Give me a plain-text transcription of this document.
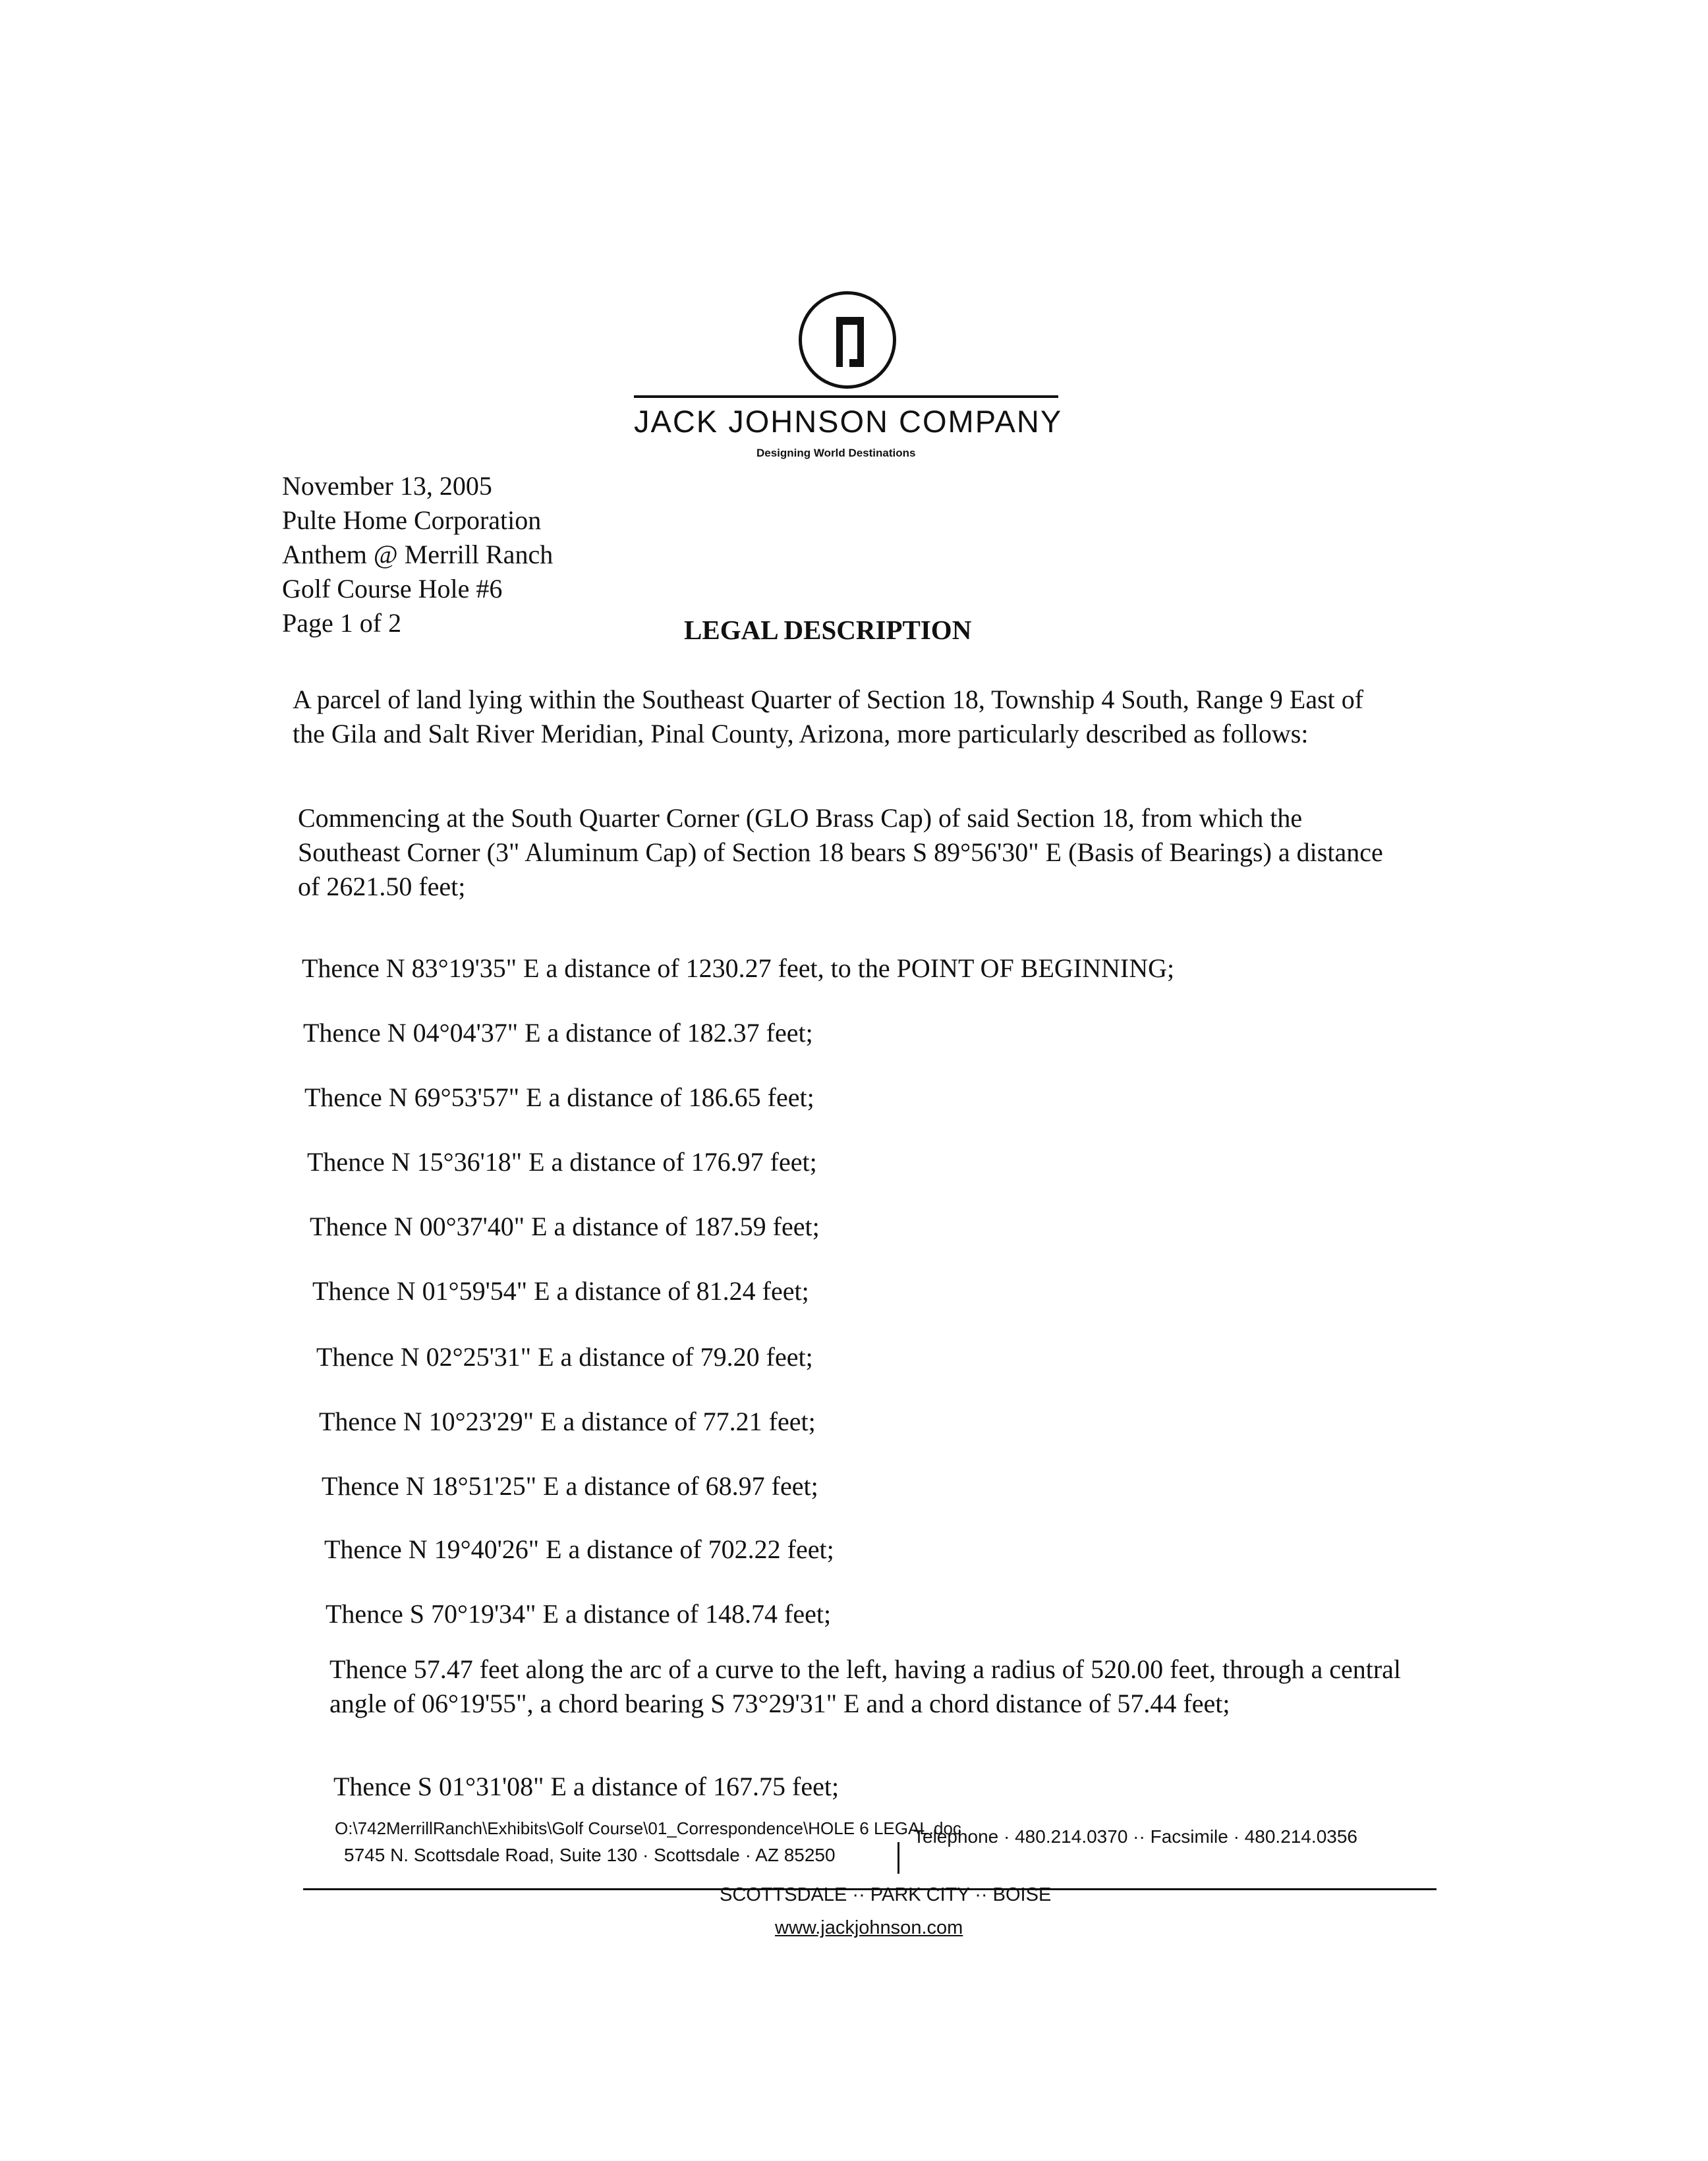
JACK JOHNSON COMPANY
Designing World Destinations
November 13, 2005
Pulte Home Corporation
Anthem @ Merrill Ranch
Golf Course Hole #6
Page 1 of 2	LEGAL DESCRIPTION
A parcel of land lying within the Southeast Quarter of Section 18, Township 4 South, Range 9 East of the Gila and Salt River Meridian, Pinal County, Arizona, more particularly described as follows:
Commencing at the South Quarter Corner (GLO Brass Cap) of said Section 18, from which the Southeast Corner (3" Aluminum Cap) of Section 18 bears S 89°56'30" E (Basis of Bearings) a distance of 2621.50 feet;
Thence N 83°19'35" E a distance of 1230.27 feet, to the POINT OF BEGINNING;
Thence N 04°04'37" E a distance of 182.37 feet;
Thence N 69°53'57" E a distance of 186.65 feet;
Thence N 15°36'18" E a distance of 176.97 feet;
Thence N 00°37'40" E a distance of 187.59 feet;
Thence N 01°59'54" E a distance of 81.24 feet;
Thence N 02°25'31" E a distance of 79.20 feet;
Thence N 10°23'29" E a distance of 77.21 feet;
Thence N 18°51'25" E a distance of 68.97 feet;
Thence N 19°40'26" E a distance of 702.22 feet;
Thence S 70°19'34" E a distance of 148.74 feet;
Thence 57.47 feet along the arc of a curve to the left, having a radius of 520.00 feet, through a central angle of 06°19'55", a chord bearing S 73°29'31" E and a chord distance of 57.44 feet;
Thence S 01°31'08" E a distance of 167.75 feet;
O:\742MerrillRanch\Exhibits\Golf Course\01_Correspondence\HOLE 6 LEGAL.doc
5745 N. Scottsdale Road, Suite 130 · Scottsdale · AZ 85250
Telephone · 480.214.0370 ·· Facsimile · 480.214.0356
SCOTTSDALE ·· PARK CITY ·· BOISE
www.jackjohnson.com
